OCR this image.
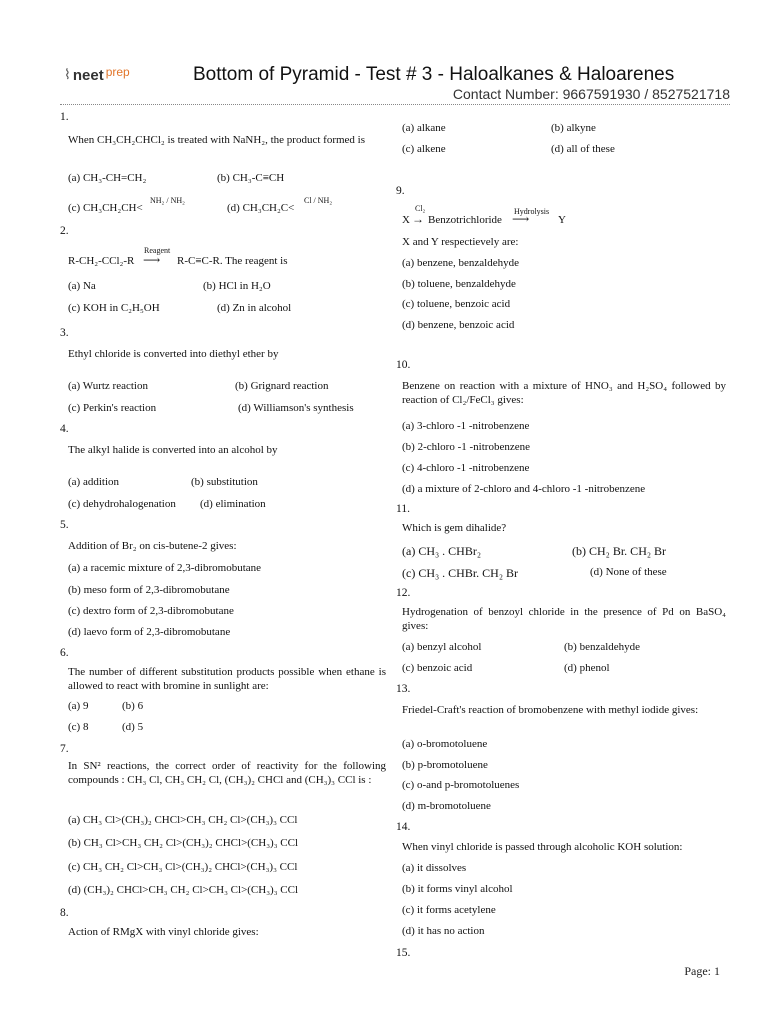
⌇ neet prep	Bottom of Pyramid - Test # 3 - Haloalkanes & Haloarenes
Contact Number: 9667591930 / 8527521718
1.
When CH₃CH₂CHCl₂ is treated with NaNH₂, the product formed is
(a) CH₃-CH=CH₂	(b) CH₃-C≡CH
(c) CH₃CH₂CH<
NH₂ / NH₂
(d) CH₃CH₂C<
Cl / NH₂
2.
Reagent
R-CH₂-CCl₂-R ⟶ R-C≡C-R. The reagent is
(a) Na	(b) HCl in H₂O
(c) KOH in C₂H₅OH	(d) Zn in alcohol
3.
Ethyl chloride is converted into diethyl ether by
(a) Wurtz reaction	(b) Grignard reaction
(c) Perkin's reaction	(d) Williamson's synthesis
4.
The alkyl halide is converted into an alcohol by
(a) addition	(b) substitution
(c) dehydrohalogenation (d) elimination
5.
Addition of Br₂ on cis-butene-2 gives:
(a) a racemic mixture of 2,3-dibromobutane
(b) meso form of 2,3-dibromobutane
(c) dextro form of 2,3-dibromobutane
(d) laevo form of 2,3-dibromobutane
6.
The number of different substitution products possible when ethane is allowed to react with bromine in sunlight are:
(a) 9	(b) 6
(c) 8	(d) 5
7.
In SN² reactions, the correct order of reactivity for the following compounds : CH₃ Cl, CH₃ CH₂ Cl, (CH₃)₂ CHCl and (CH₃)₃ CCl is :
(a) CH₃ Cl>(CH₃)₂ CHCl>CH₃ CH₂ Cl>(CH₃)₃ CCl
(b) CH₃ Cl>CH₃ CH₂ Cl>(CH₃)₂ CHCl>(CH₃)₃ CCl
(c) CH₃ CH₂ Cl>CH₃ Cl>(CH₃)₂ CHCl>(CH₃)₃ CCl
(d) (CH₃)₂ CHCl>CH₃ CH₂ Cl>CH₃ Cl>(CH₃)₃ CCl
8.
Action of RMgX with vinyl chloride gives:
(a) alkane	(b) alkyne
(c) alkene	(d) all of these
9.
Cl₂	Hydrolysis
X → Benzotrichloride ⟶	Y
X and Y respectievely are:
(a) benzene, benzaldehyde
(b) toluene, benzaldehyde
(c) toluene, benzoic acid
(d) benzene, benzoic acid
10.
Benzene on reaction with a mixture of HNO₃ and H₂SO₄ followed by reaction of Cl₂/FeCl₃ gives:
(a) 3-chloro -1 -nitrobenzene
(b) 2-chloro -1 -nitrobenzene
(c) 4-chloro -1 -nitrobenzene
(d) a mixture of 2-chloro and 4-chloro -1 -nitrobenzene
11.
Which is gem dihalide?
(a) CH₃ . CHBr₂	(b) CH₂ Br. CH₂ Br
(c) CH₃ . CHBr. CH₂ Br	(d) None of these
12.
Hydrogenation of benzoyl chloride in the presence of Pd on BaSO₄ gives:
(a) benzyl alcohol	(b) benzaldehyde
(c) benzoic acid	(d) phenol
13.
Friedel-Craft's reaction of bromobenzene with methyl iodide gives:
(a) o-bromotoluene
(b) p-bromotoluene
(c) o-and p-bromotoluenes
(d) m-bromotoluene
14.
When vinyl chloride is passed through alcoholic KOH solution:
(a) it dissolves
(b) it forms vinyl alcohol
(c) it forms acetylene
(d) it has no action
15.
Page: 1
